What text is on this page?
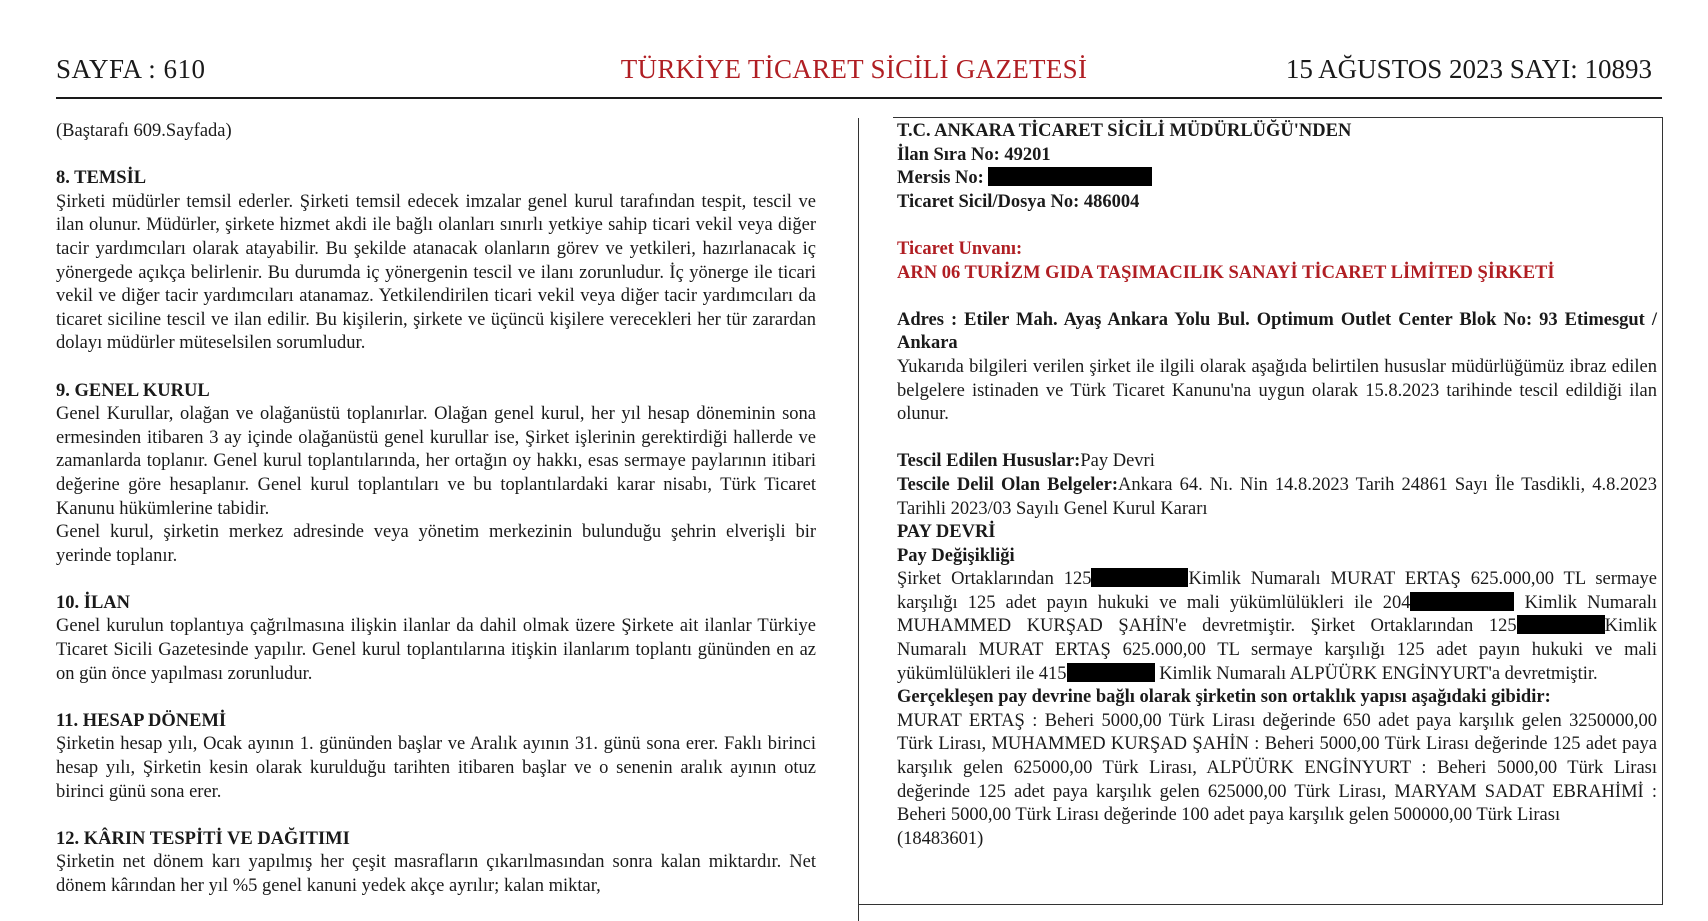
SAYFA : 610	TÜRKİYE TİCARET SİCİLİ GAZETESİ	15 AĞUSTOS 2023 SAYI: 10893

(Baştarafı 609.Sayfada)

8. TEMSİL

Şirketi müdürler temsil ederler. Şirketi temsil edecek imzalar genel kurul tarafından tespit, tescil ve ilan olunur. Müdürler, şirkete hizmet akdi ile bağlı olanları sınırlı yetkiye sahip ticari vekil veya diğer tacir yardımcıları olarak atayabilir. Bu şekilde atanacak olanların görev ve yetkileri, hazırlanacak iç yönergede açıkça belirlenir. Bu durumda iç yönergenin tescil ve ilanı zorunludur. İç yönerge ile ticari vekil ve diğer tacir yardımcıları atanamaz. Yetkilendirilen ticari vekil veya diğer tacir yardımcıları da ticaret siciline tescil ve ilan edilir. Bu kişilerin, şirkete ve üçüncü kişilere verecekleri her tür zarardan dolayı müdürler müteselsilen sorumludur.

9. GENEL KURUL

Genel Kurullar, olağan ve olağanüstü toplanırlar. Olağan genel kurul, her yıl hesap döneminin sona ermesinden itibaren 3 ay içinde olağanüstü genel kurullar ise, Şirket işlerinin gerektirdiği hallerde ve zamanlarda toplanır. Genel kurul toplantılarında, her ortağın oy hakkı, esas sermaye paylarının itibari değerine göre hesaplanır. Genel kurul toplantıları ve bu toplantılardaki karar nisabı, Türk Ticaret Kanunu hükümlerine tabidir.

Genel kurul, şirketin merkez adresinde veya yönetim merkezinin bulunduğu şehrin elverişli bir yerinde toplanır.

10. İLAN

Genel kurulun toplantıya çağrılmasına ilişkin ilanlar da dahil olmak üzere Şirkete ait ilanlar Türkiye Ticaret Sicili Gazetesinde yapılır. Genel kurul toplantılarına itişkin ilanlarım toplantı gününden en az on gün önce yapılması zorunludur.

11. HESAP DÖNEMİ

Şirketin hesap yılı, Ocak ayının 1. gününden başlar ve Aralık ayının 31. günü sona erer. Faklı birinci hesap yılı, Şirketin kesin olarak kurulduğu tarihten itibaren başlar ve o senenin aralık ayının otuz birinci günü sona erer.

12. KÂRIN TESPİTİ VE DAĞITIMI

Şirketin net dönem karı yapılmış her çeşit masrafların çıkarılmasından sonra kalan miktardır. Net dönem kârından her yıl %5 genel kanuni yedek akçe ayrılır; kalan miktar,

T.C. ANKARA TİCARET SİCİLİ MÜDÜRLÜĞÜ'NDEN

İlan Sıra No: 49201

Mersis No:

Ticaret Sicil/Dosya No: 486004

Ticaret Unvanı:

ARN 06 TURİZM GIDA TAŞIMACILIK SANAYİ TİCARET LİMİTED ŞİRKETİ

Adres : Etiler Mah. Ayaş Ankara Yolu Bul. Optimum Outlet Center Blok No: 93 Etimesgut / Ankara

Yukarıda bilgileri verilen şirket ile ilgili olarak aşağıda belirtilen hususlar müdürlüğümüz ibraz edilen belgelere istinaden ve Türk Ticaret Kanunu'na uygun olarak 15.8.2023 tarihinde tescil edildiği ilan olunur.

Tescil Edilen Hususlar:Pay Devri

Tescile Delil Olan Belgeler:Ankara 64. Nı. Nin 14.8.2023 Tarih 24861 Sayı İle Tasdikli, 4.8.2023 Tarihli 2023/03 Sayılı Genel Kurul Kararı

PAY DEVRİ

Pay Değişikliği

Şirket Ortaklarından 125	Kimlik Numaralı MURAT ERTAŞ 625.000,00 TL sermaye karşılığı 125 adet payın hukuki ve mali yükümlülükleri ile 204	Kimlik Numaralı MUHAMMED KURŞAD ŞAHİN'e devretmiştir. Şirket Ortaklarından 125	Kimlik Numaralı MURAT ERTAŞ 625.000,00 TL sermaye karşılığı 125 adet payın hukuki ve mali yükümlülükleri ile 415	Kimlik Numaralı ALPÜÜRK ENGİNYURT'a devretmiştir.

Gerçekleşen pay devrine bağlı olarak şirketin son ortaklık yapısı aşağıdaki gibidir:

MURAT ERTAŞ : Beheri 5000,00 Türk Lirası değerinde 650 adet paya karşılık gelen 3250000,00 Türk Lirası, MUHAMMED KURŞAD ŞAHİN : Beheri 5000,00 Türk Lirası değerinde 125 adet paya karşılık gelen 625000,00 Türk Lirası, ALPÜÜRK ENGİNYURT : Beheri 5000,00 Türk Lirası değerinde 125 adet paya karşılık gelen 625000,00 Türk Lirası, MARYAM SADAT EBRAHİMİ : Beheri 5000,00 Türk Lirası değerinde 100 adet paya karşılık gelen 500000,00 Türk Lirası

(18483601)
